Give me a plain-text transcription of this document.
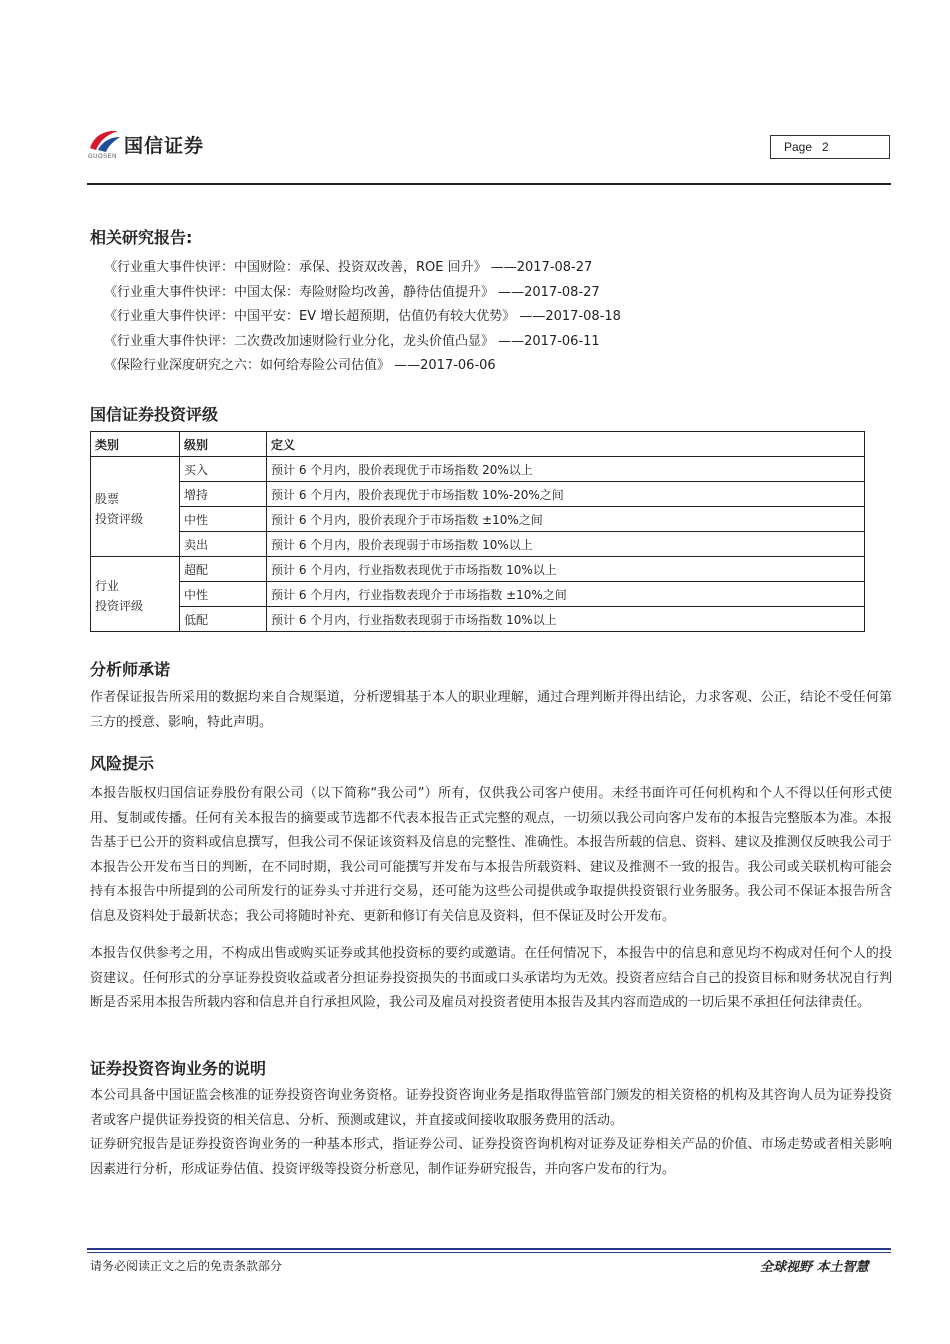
国信证券
GUOSEN
Page 2
相关研究报告:
《行业重大事件快评：中国财险：承保、投资双改善，ROE 回升》 ——2017-08-27
《行业重大事件快评：中国太保：寿险财险均改善，静待估值提升》 ——2017-08-27
《行业重大事件快评：中国平安：EV 增长超预期，估值仍有较大优势》 ——2017-08-18
《行业重大事件快评：二次费改加速财险行业分化，龙头价值凸显》 ——2017-06-11
《保险行业深度研究之六：如何给寿险公司估值》 ——2017-06-06
国信证券投资评级
类别	级别	定义

股票
投资评级	买入	预计 6 个月内，股价表现优于市场指数 20%以上
	增持	预计 6 个月内，股价表现优于市场指数 10%-20%之间
	中性	预计 6 个月内，股价表现介于市场指数 ±10%之间
	卖出	预计 6 个月内，股价表现弱于市场指数 10%以上

行业
投资评级	超配	预计 6 个月内，行业指数表现优于市场指数 10%以上
	中性	预计 6 个月内，行业指数表现介于市场指数 ±10%之间
	低配	预计 6 个月内，行业指数表现弱于市场指数 10%以上
分析师承诺

作者保证报告所采用的数据均来自合规渠道，分析逻辑基于本人的职业理解，通过合理判断并得出结论，力求客观、公正，结论不受任何第三方的授意、影响，特此声明。

风险提示

本报告版权归国信证券股份有限公司（以下简称“我公司”）所有，仅供我公司客户使用。未经书面许可任何机构和个人不得以任何形式使用、复制或传播。任何有关本报告的摘要或节选都不代表本报告正式完整的观点，一切须以我公司向客户发布的本报告完整版本为准。本报告基于已公开的资料或信息撰写，但我公司不保证该资料及信息的完整性、准确性。本报告所载的信息、资料、建议及推测仅反映我公司于本报告公开发布当日的判断，在不同时期，我公司可能撰写并发布与本报告所载资料、建议及推测不一致的报告。我公司或关联机构可能会持有本报告中所提到的公司所发行的证券头寸并进行交易，还可能为这些公司提供或争取提供投资银行业务服务。我公司不保证本报告所含信息及资料处于最新状态；我公司将随时补充、更新和修订有关信息及资料，但不保证及时公开发布。

本报告仅供参考之用，不构成出售或购买证券或其他投资标的要约或邀请。在任何情况下，本报告中的信息和意见均不构成对任何个人的投资建议。任何形式的分享证券投资收益或者分担证券投资损失的书面或口头承诺均为无效。投资者应结合自己的投资目标和财务状况自行判断是否采用本报告所载内容和信息并自行承担风险，我公司及雇员对投资者使用本报告及其内容而造成的一切后果不承担任何法律责任。

证券投资咨询业务的说明

本公司具备中国证监会核准的证券投资咨询业务资格。证券投资咨询业务是指取得监管部门颁发的相关资格的机构及其咨询人员为证券投资者或客户提供证券投资的相关信息、分析、预测或建议，并直接或间接收取服务费用的活动。

证券研究报告是证券投资咨询业务的一种基本形式，指证券公司、证券投资咨询机构对证券及证券相关产品的价值、市场走势或者相关影响因素进行分析，形成证券估值、投资评级等投资分析意见，制作证券研究报告，并向客户发布的行为。

请务必阅读正文之后的免责条款部分	全球视野 本土智慧
